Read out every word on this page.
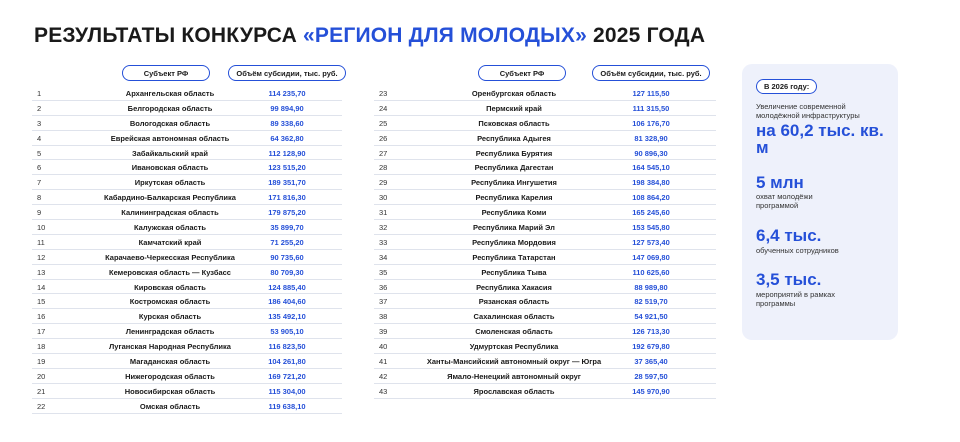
РЕЗУЛЬТАТЫ КОНКУРСА «РЕГИОН ДЛЯ МОЛОДЫХ» 2025 ГОДА
Субъект РФ	Объём субсидии, тыс. руб.
1	Архангельская область	114 235,70
2	Белгородская область	99 894,90
3	Вологодская область	89 338,60
4	Еврейская автономная область	64 362,80
5	Забайкальский край	112 128,90
6	Ивановская область	123 515,20
7	Иркутская область	189 351,70
8	Кабардино-Балкарская Республика	171 816,30
9	Калининградская область	179 875,20
10	Калужская область	35 899,70
11	Камчатский край	71 255,20
12	Карачаево-Черкесская Республика	90 735,60
13	Кемеровская область — Кузбасс	80 709,30
14	Кировская область	124 885,40
15	Костромская область	186 404,60
16	Курская область	135 492,10
17	Ленинградская область	53 905,10
18	Луганская Народная Республика	116 823,50
19	Магаданская область	104 261,80
20	Нижегородская область	169 721,20
21	Новосибирская область	115 304,00
22	Омская область	119 638,10
Субъект РФ	Объём субсидии, тыс. руб.
23	Оренбургская область	127 115,50
24	Пермский край	111 315,50
25	Псковская область	106 176,70
26	Республика Адыгея	81 328,90
27	Республика Бурятия	90 896,30
28	Республика Дагестан	164 545,10
29	Республика Ингушетия	198 384,80
30	Республика Карелия	108 864,20
31	Республика Коми	165 245,60
32	Республика Марий Эл	153 545,80
33	Республика Мордовия	127 573,40
34	Республика Татарстан	147 069,80
35	Республика Тыва	110 625,60
36	Республика Хакасия	88 989,80
37	Рязанская область	82 519,70
38	Сахалинская область	54 921,50
39	Смоленская область	126 713,30
40	Удмуртская Республика	192 679,80
41	Ханты-Мансийский автономный округ — Югра	37 365,40
42	Ямало-Ненецкий автономный округ	28 597,50
43	Ярославская область	145 970,90
В 2026 году:
Увеличение современной молодёжной инфраструктуры
на 60,2 тыс. кв. м
5 млн
охват молодёжи программой
6,4 тыс.
обученных сотрудников
3,5 тыс.
мероприятий в рамках программы
